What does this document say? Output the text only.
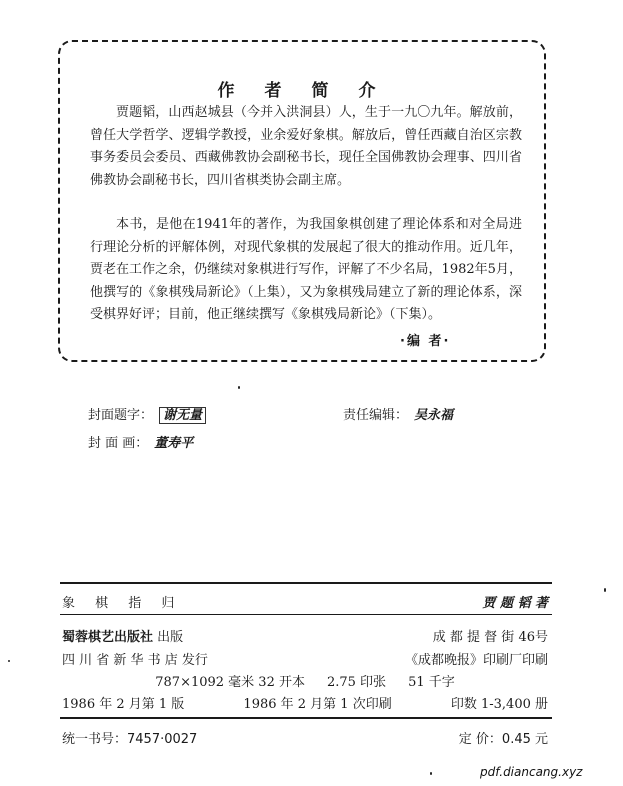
作者简介

贾题韬，山西赵城县（今并入洪洞县）人，生于一九〇九年。解放前，曾任大学哲学、逻辑学教授，业余爱好象棋。解放后，曾任西藏自治区宗教事务委员会委员、西藏佛教协会副秘书长，现任全国佛教协会理事、四川省佛教协会副秘书长，四川省棋类协会副主席。

本书，是他在1941年的著作，为我国象棋创建了理论体系和对全局进行理论分析的评解体例，对现代象棋的发展起了很大的推动作用。近几年，贾老在工作之余，仍继续对象棋进行写作，评解了不少名局，1982年5月，他撰写的《象棋残局新论》（上集），又为象棋残局建立了新的理论体系，深受棋界好评；目前，他正继续撰写《象棋残局新论》（下集）。

·编 者·
封面题字： 谢无量	责任编辑： 吴永福
封 面 画： 董寿平
象 棋 指 归	贾 题 韬 著
蜀蓉棋艺出版社 出版	成 都 提 督 街 46号
四 川 省 新 华 书 店 发行	《成都晚报》印刷厂印刷
787×1092 毫米 32 开本 2.75 印张 51 千字
1986 年 2 月第 1 版	1986 年 2 月第 1 次印刷	印数 1-3,400 册
统一书号：7457·0027	定 价：0.45 元
pdf.diancang.xyz
